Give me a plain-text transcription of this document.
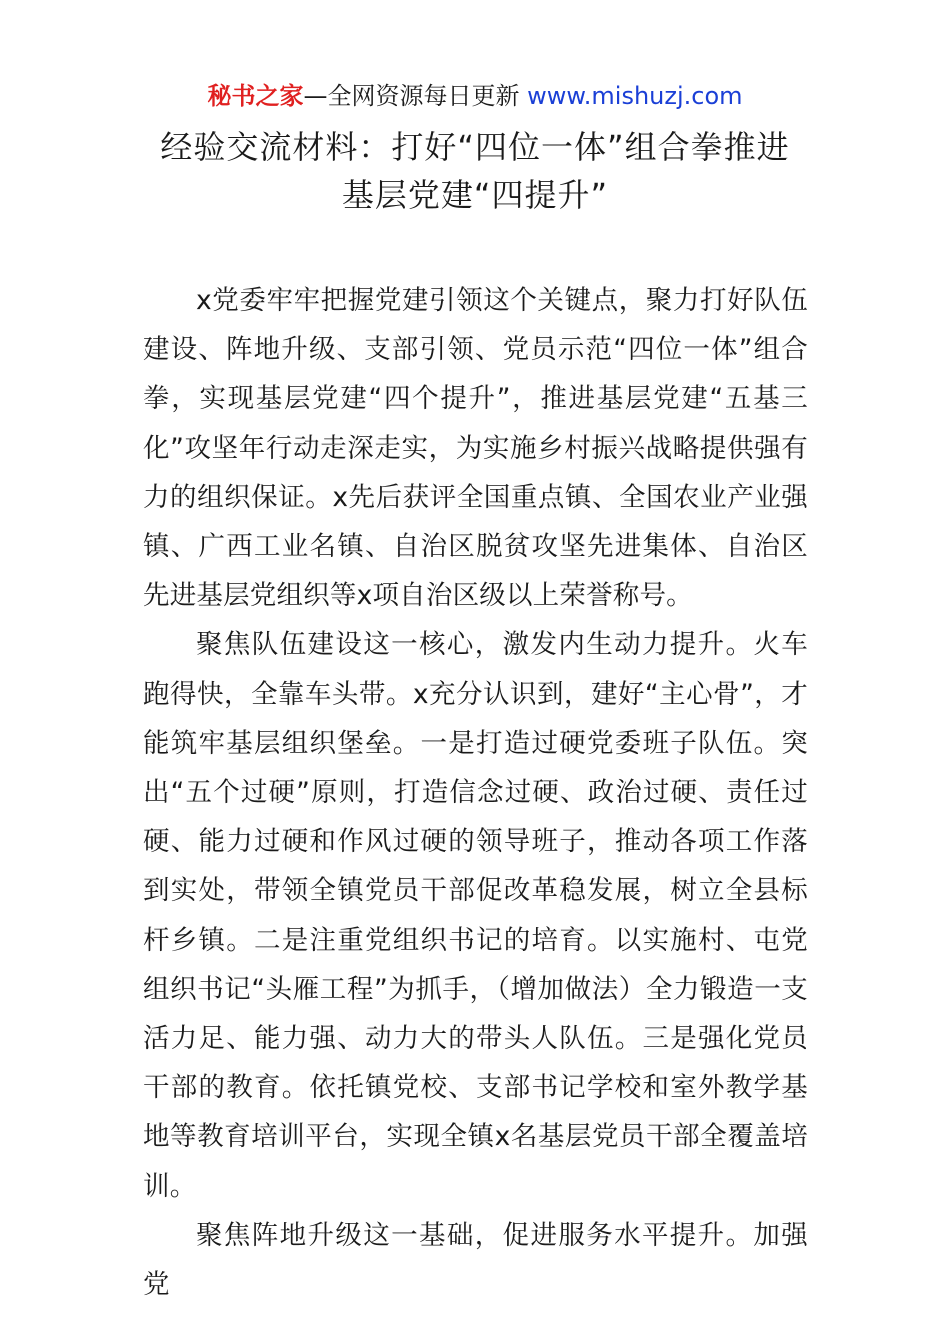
秘书之家—全网资源每日更新 www.mishuzj.com
经验交流材料：打好“四位一体”组合拳推进
基层党建“四提升”

x党委牢牢把握党建引领这个关键点，聚力打好队伍建设、阵地升级、支部引领、党员示范“四位一体”组合拳，实现基层党建“四个提升”，推进基层党建“五基三化”攻坚年行动走深走实，为实施乡村振兴战略提供强有力的组织保证。x先后获评全国重点镇、全国农业产业强镇、广西工业名镇、自治区脱贫攻坚先进集体、自治区先进基层党组织等x项自治区级以上荣誉称号。

聚焦队伍建设这一核心，激发内生动力提升。火车跑得快，全靠车头带。x充分认识到，建好“主心骨”，才能筑牢基层组织堡垒。一是打造过硬党委班子队伍。突出“五个过硬”原则，打造信念过硬、政治过硬、责任过硬、能力过硬和作风过硬的领导班子，推动各项工作落到实处，带领全镇党员干部促改革稳发展，树立全县标杆乡镇。二是注重党组织书记的培育。以实施村、屯党组织书记“头雁工程”为抓手，（增加做法）全力锻造一支活力足、能力强、动力大的带头人队伍。三是强化党员干部的教育。依托镇党校、支部书记学校和室外教学基地等教育培训平台，实现全镇x名基层党员干部全覆盖培训。

聚焦阵地升级这一基础，促进服务水平提升。加强党
